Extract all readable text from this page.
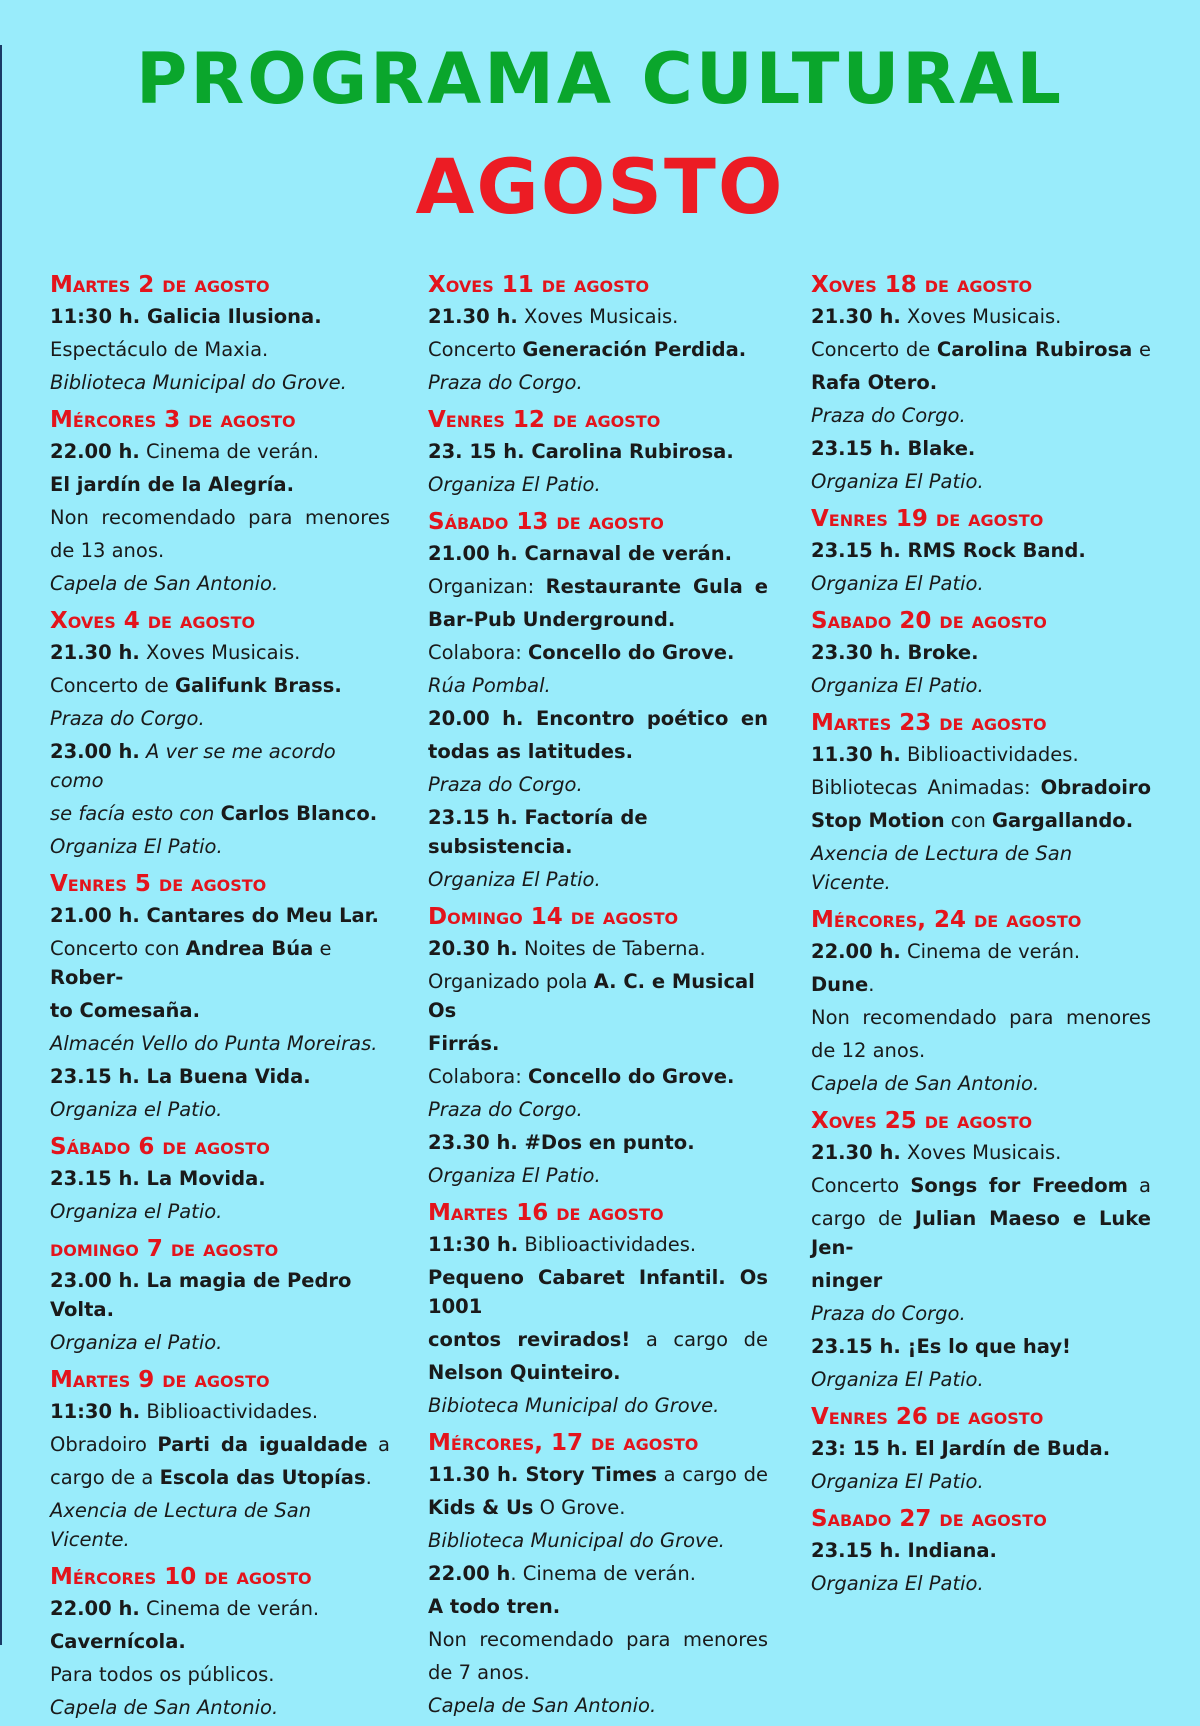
PROGRAMA CULTURAL
AGOSTO
Martes 2 de agosto
11:30 h. Galicia Ilusiona.
Espectáculo de Maxia.
Biblioteca Municipal do Grove.
Mércores 3 de agosto
22.00 h. Cinema de verán.
El jardín de la Alegría.
Non recomendado para menores
de 13 anos.
Capela de San Antonio.
Xoves 4 de agosto
21.30 h. Xoves Musicais.
Concerto de Galifunk Brass.
Praza do Corgo.
23.00 h. A ver se me acordo como
se facía esto con Carlos Blanco.
Organiza El Patio.
Venres 5 de agosto
21.00 h. Cantares do Meu Lar.
Concerto con Andrea Búa e Rober-
to Comesaña.
Almacén Vello do Punta Moreiras.
23.15 h. La Buena Vida.
Organiza el Patio.
Sábado 6 de agosto
23.15 h. La Movida.
Organiza el Patio.
domingo 7 de agosto
23.00 h. La magia de Pedro Volta.
Organiza el Patio.
Martes 9 de agosto
11:30 h. Biblioactividades.
Obradoiro Parti da igualdade a
cargo de a Escola das Utopías.
Axencia de Lectura de San Vicente.
Mércores 10 de agosto
22.00 h. Cinema de verán.
Cavernícola.
Para todos os públicos.
Capela de San Antonio.
Xoves 11 de agosto
21.30 h. Xoves Musicais.
Concerto Generación Perdida.
Praza do Corgo.
Venres 12 de agosto
23. 15 h. Carolina Rubirosa.
Organiza El Patio.
Sábado 13 de agosto
21.00 h. Carnaval de verán.
Organizan: Restaurante Gula e
Bar-Pub Underground.
Colabora: Concello do Grove.
Rúa Pombal.
20.00 h. Encontro poético en
todas as latitudes.
Praza do Corgo.
23.15 h. Factoría de subsistencia.
Organiza El Patio.
Domingo 14 de agosto
20.30 h. Noites de Taberna.
Organizado pola A. C. e Musical Os
Firrás.
Colabora: Concello do Grove.
Praza do Corgo.
23.30 h. #Dos en punto.
Organiza El Patio.
Martes 16 de agosto
11:30 h. Biblioactividades.
Pequeno Cabaret Infantil. Os 1001
contos revirados! a cargo de
Nelson Quinteiro.
Bibioteca Municipal do Grove.
Mércores, 17 de agosto
11.30 h. Story Times a cargo de
Kids & Us O Grove.
Biblioteca Municipal do Grove.
22.00 h. Cinema de verán.
A todo tren.
Non recomendado para menores
de 7 anos.
Capela de San Antonio.
Xoves 18 de agosto
21.30 h. Xoves Musicais.
Concerto de Carolina Rubirosa e
Rafa Otero.
Praza do Corgo.
23.15 h. Blake.
Organiza El Patio.
Venres 19 de agosto
23.15 h. RMS Rock Band.
Organiza El Patio.
Sabado 20 de agosto
23.30 h. Broke.
Organiza El Patio.
Martes 23 de agosto
11.30 h. Biblioactividades.
Bibliotecas Animadas: Obradoiro
Stop Motion con Gargallando.
Axencia de Lectura de San Vicente.
Mércores, 24 de agosto
22.00 h. Cinema de verán.
Dune.
Non recomendado para menores
de 12 anos.
Capela de San Antonio.
Xoves 25 de agosto
21.30 h. Xoves Musicais.
Concerto Songs for Freedom a
cargo de Julian Maeso e Luke Jen-
ninger
Praza do Corgo.
23.15 h. ¡Es lo que hay!
Organiza El Patio.
Venres 26 de agosto
23: 15 h. El Jardín de Buda.
Organiza El Patio.
Sabado 27 de agosto
23.15 h. Indiana.
Organiza El Patio.
